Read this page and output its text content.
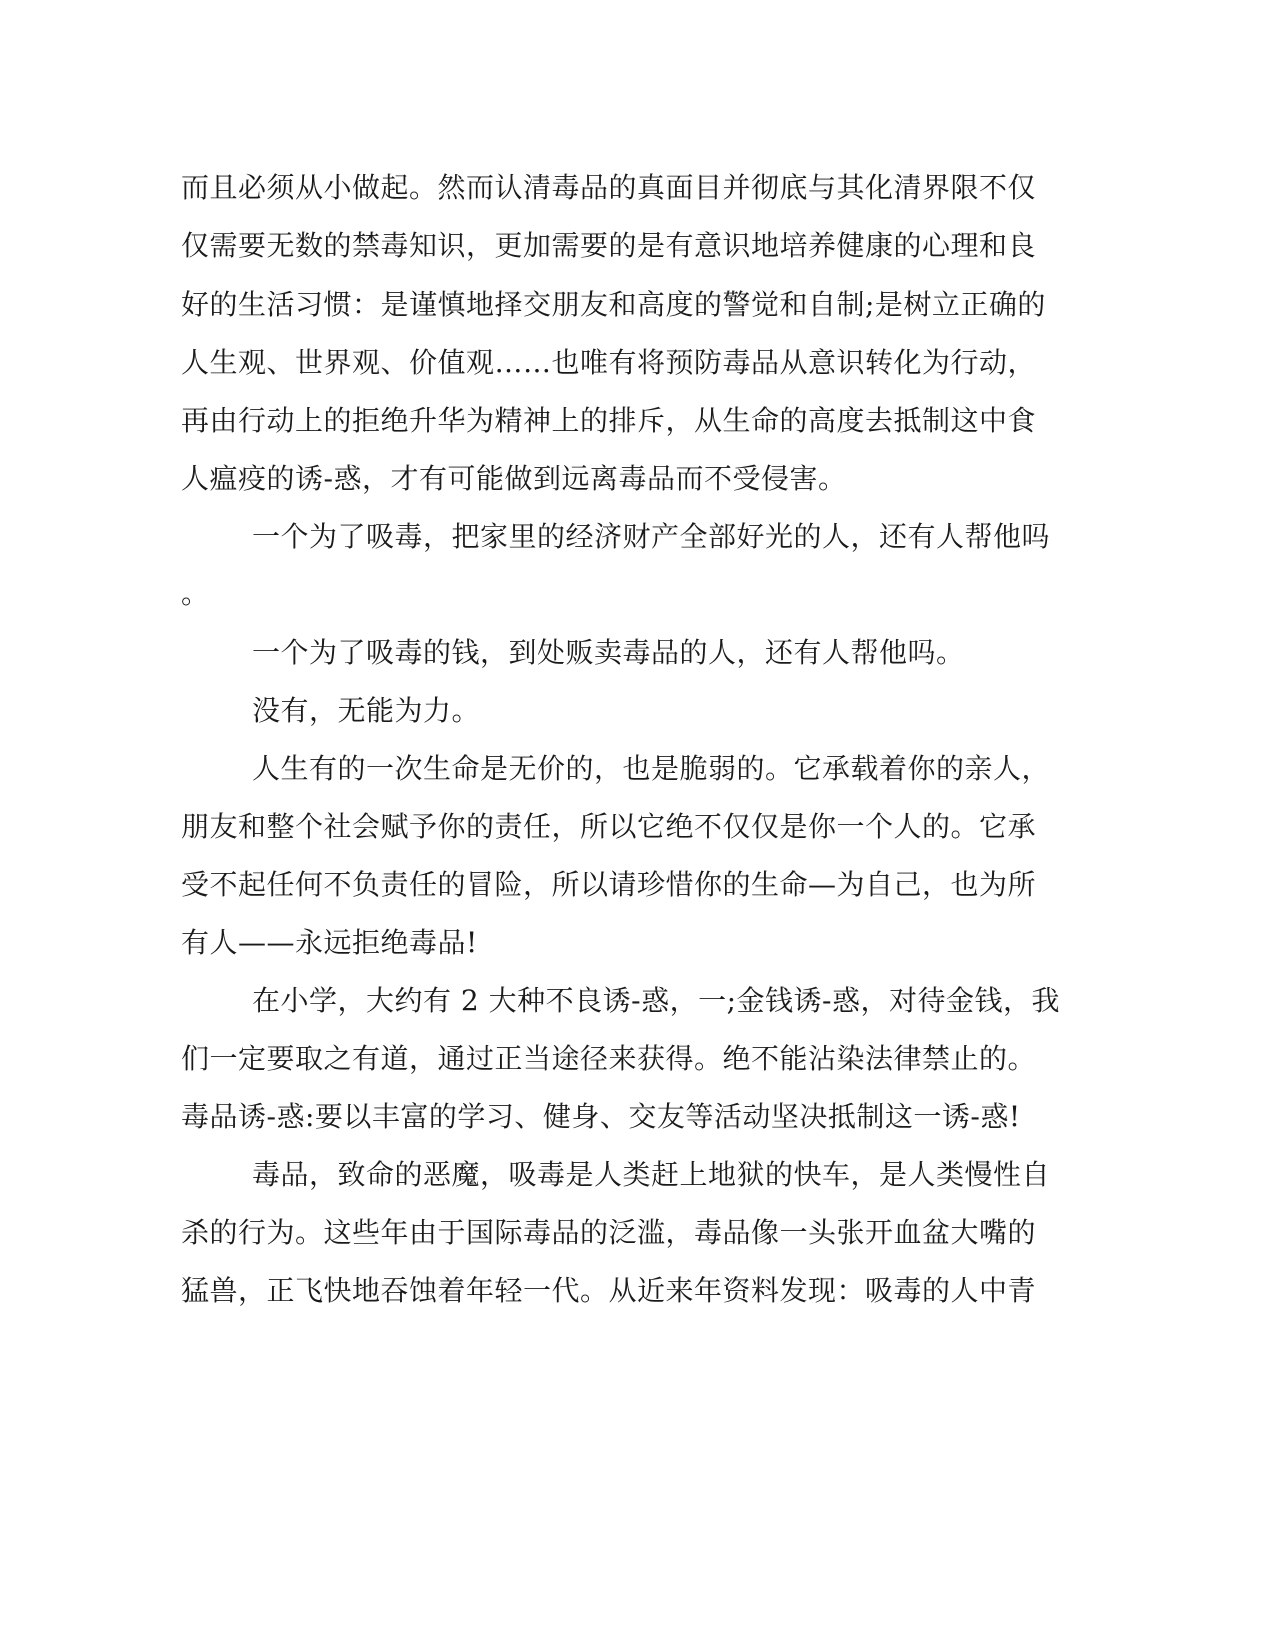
而且必须从小做起。然而认清毒品的真面目并彻底与其化清界限不仅

仅需要无数的禁毒知识，更加需要的是有意识地培养健康的心理和良

好的生活习惯：是谨慎地择交朋友和高度的警觉和自制;是树立正确的

人生观、世界观、价值观……也唯有将预防毒品从意识转化为行动，

再由行动上的拒绝升华为精神上的排斥，从生命的高度去抵制这中食

人瘟疫的诱-惑，才有可能做到远离毒品而不受侵害。

一个为了吸毒，把家里的经济财产全部好光的人，还有人帮他吗

。

一个为了吸毒的钱，到处贩卖毒品的人，还有人帮他吗。

没有，无能为力。

人生有的一次生命是无价的，也是脆弱的。它承载着你的亲人，

朋友和整个社会赋予你的责任，所以它绝不仅仅是你一个人的。它承

受不起任何不负责任的冒险，所以请珍惜你的生命—为自己，也为所

有人——永远拒绝毒品!

在小学，大约有 2 大种不良诱-惑，一;金钱诱-惑，对待金钱，我

们一定要取之有道，通过正当途径来获得。绝不能沾染法律禁止的。

毒品诱-惑:要以丰富的学习、健身、交友等活动坚决抵制这一诱-惑!

毒品，致命的恶魔，吸毒是人类赶上地狱的快车，是人类慢性自

杀的行为。这些年由于国际毒品的泛滥，毒品像一头张开血盆大嘴的

猛兽，正飞快地吞蚀着年轻一代。从近来年资料发现：吸毒的人中青
